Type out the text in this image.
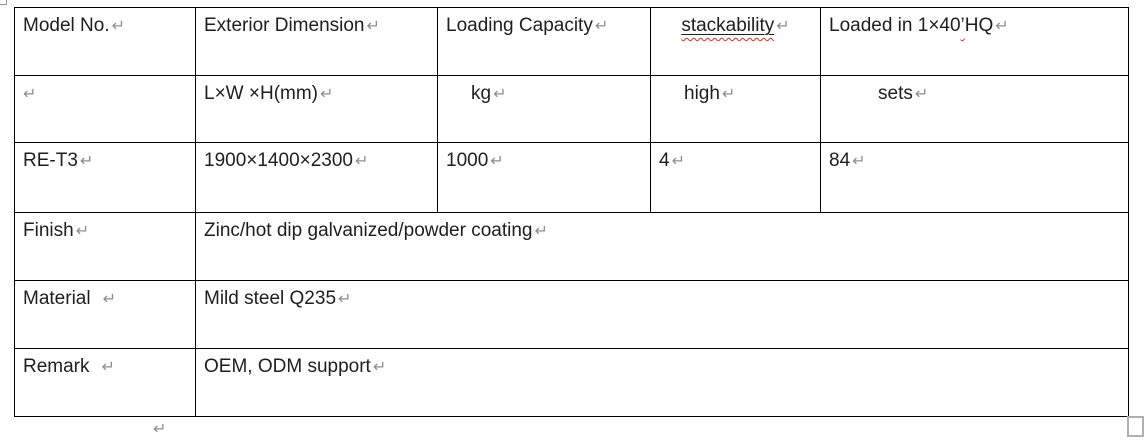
Model No. ↵	Exterior Dimension ↵	Loading Capacity ↵	stackability ↵	Loaded in 1×40’HQ ↵
↵	L×W ×H(mm) ↵	kg ↵	high ↵	sets ↵
RE-T3 ↵	1900×1400×2300 ↵	1000 ↵	4 ↵	84 ↵
Finish ↵	Zinc/hot dip galvanized/powder coating ↵			
Material ↵	Mild steel Q235 ↵			
Remark ↵	OEM, ODM support ↵			
↵
